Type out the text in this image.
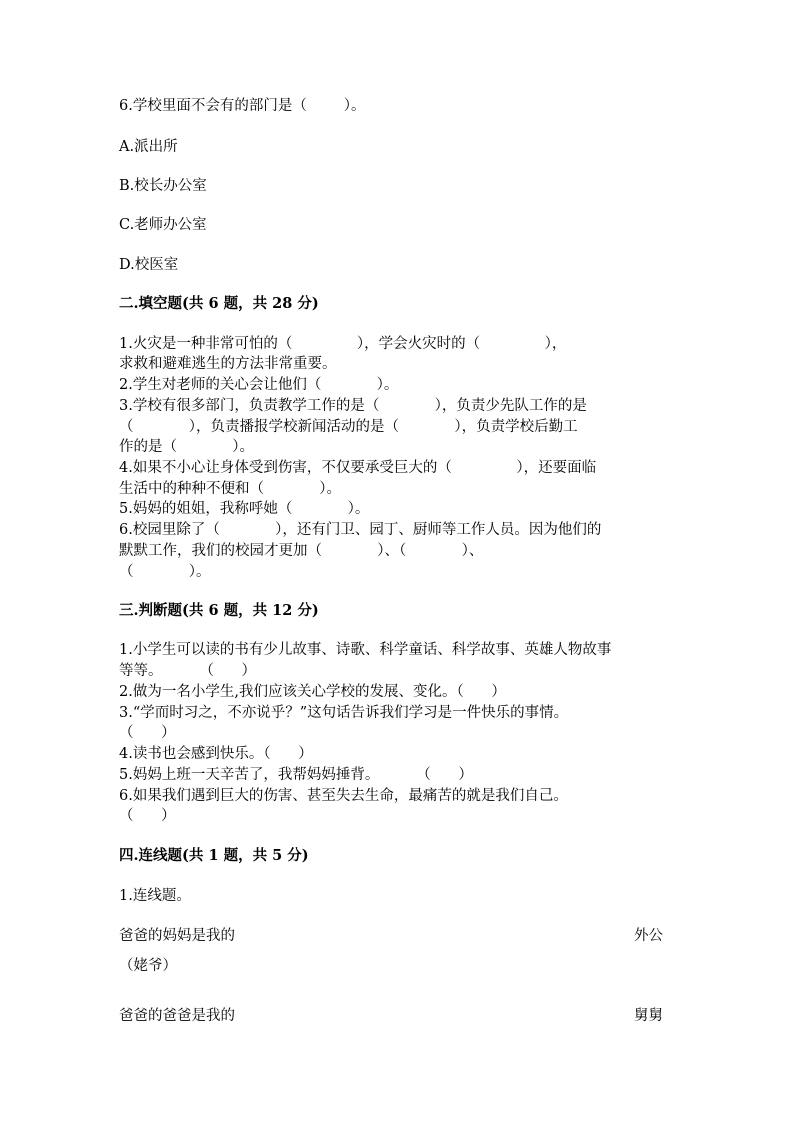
6.学校里面不会有的部门是（        ）。
A.派出所
B.校长办公室
C.老师办公室
D.校医室
二.填空题(共 6 题，共 28 分)
1.火灾是一种非常可怕的（              ），学会火灾时的（              ），
求救和避难逃生的方法非常重要。
2.学生对老师的关心会让他们（            ）。
3.学校有很多部门，负责教学工作的是（            ），负责少先队工作的是
（            ），负责播报学校新闻活动的是（            ），负责学校后勤工
作的是（            ）。
4.如果不小心让身体受到伤害，不仅要承受巨大的（              ），还要面临
生活中的种种不便和（            ）。
5.妈妈的姐姐，我称呼她（            ）。
6.校园里除了（            ），还有门卫、园丁、厨师等工作人员。因为他们的
默默工作，我们的校园才更加（            ）、（            ）、
（            ）。
三.判断题(共 6 题，共 12 分)
1.小学生可以读的书有少儿故事、诗歌、科学童话、科学故事、英雄人物故事
等等。        （      ）
2.做为一名小学生,我们应该关心学校的发展、变化。（      ）
3.“学而时习之，不亦说乎？”这句话告诉我们学习是一件快乐的事情。
（      ）
4.读书也会感到快乐。（      ）
5.妈妈上班一天辛苦了，我帮妈妈捶背。        （      ）
6.如果我们遇到巨大的伤害、甚至失去生命，最痛苦的就是我们自己。
（      ）
四.连线题(共 1 题，共 5 分)
1.连线题。
爸爸的妈妈是我的	外公
（姥爷）
爸爸的爸爸是我的	舅舅
